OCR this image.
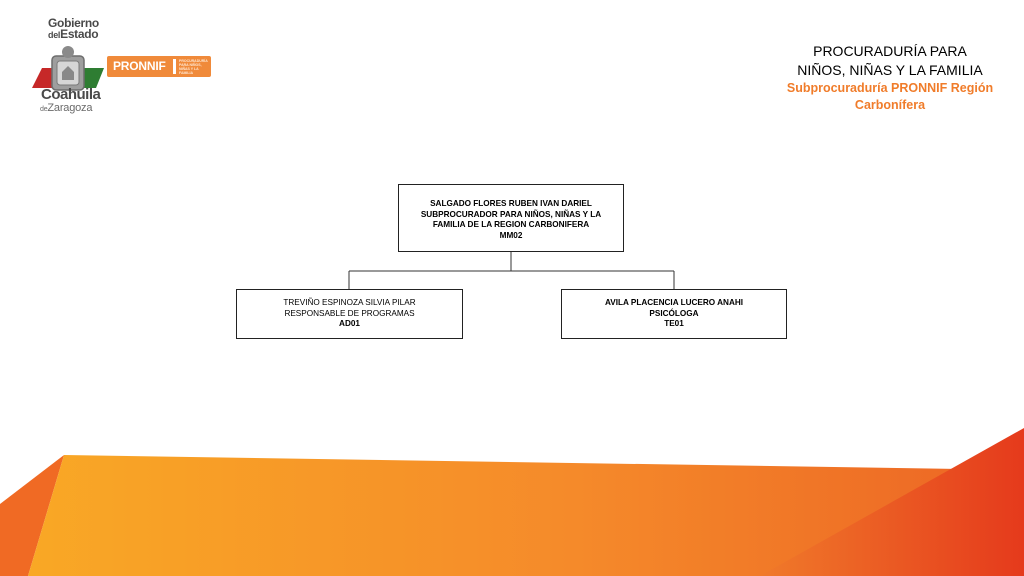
Gobierno
delEstado
Coahuila
deZaragoza
PRONNIF	PROCURADURÍA PARA NIÑOS, NIÑAS Y LA FAMILIA
PROCURADURÍA PARA
NIÑOS, NIÑAS Y LA FAMILIA
Subprocuraduría PRONNIF Región
Carbonífera
SALGADO FLORES RUBEN IVAN DARIEL
SUBPROCURADOR PARA NIÑOS, NIÑAS Y LA
FAMILIA DE LA REGION CARBONIFERA
MM02
TREVIÑO ESPINOZA SILVIA PILAR
RESPONSABLE DE PROGRAMAS
AD01
AVILA PLACENCIA LUCERO ANAHI
PSICÓLOGA
TE01
